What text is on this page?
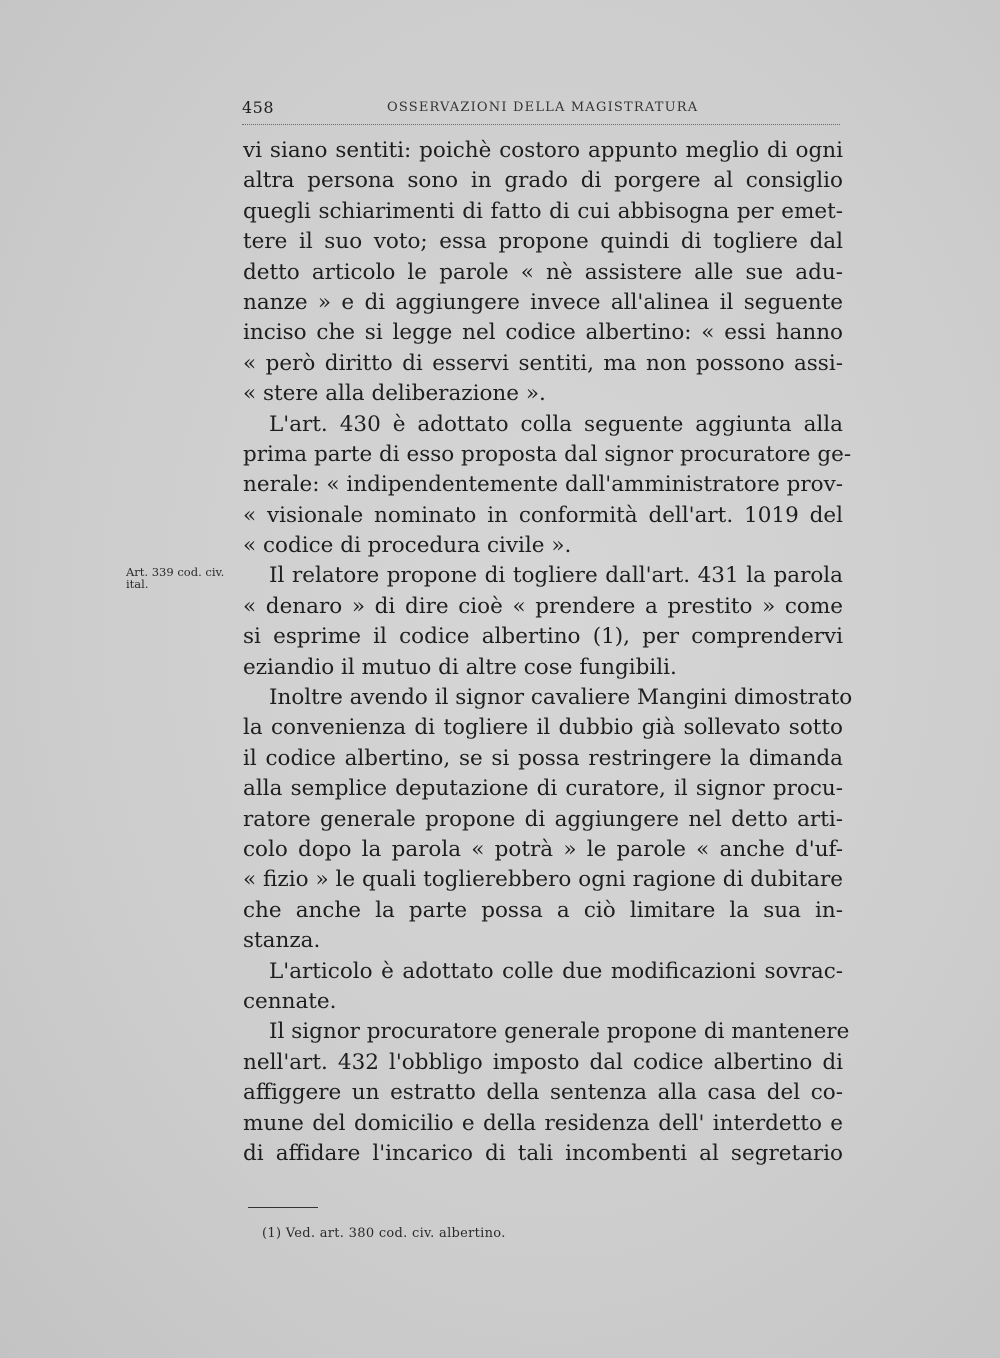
458	OSSERVAZIONI DELLA MAGISTRATURA
Art. 339 cod. civ. ital.
vi siano sentiti: poichè costoro appunto meglio di ogni
altra persona sono in grado di porgere al consiglio
quegli schiarimenti di fatto di cui abbisogna per emet-
tere il suo voto; essa propone quindi di togliere dal
detto articolo le parole « nè assistere alle sue adu-
nanze » e di aggiungere invece all'alinea il seguente
inciso che si legge nel codice albertino: « essi hanno
« però diritto di esservi sentiti, ma non possono assi-
« stere alla deliberazione ».
L'art. 430 è adottato colla seguente aggiunta alla
prima parte di esso proposta dal signor procuratore ge-
nerale: « indipendentemente dall'amministratore prov-
« visionale nominato in conformità dell'art. 1019 del
« codice di procedura civile ».
Il relatore propone di togliere dall'art. 431 la parola
« denaro » di dire cioè « prendere a prestito » come
si esprime il codice albertino (1), per comprendervi
eziandio il mutuo di altre cose fungibili.
Inoltre avendo il signor cavaliere Mangini dimostrato
la convenienza di togliere il dubbio già sollevato sotto
il codice albertino, se si possa restringere la dimanda
alla semplice deputazione di curatore, il signor procu-
ratore generale propone di aggiungere nel detto arti-
colo dopo la parola « potrà » le parole « anche d'uf-
« fizio » le quali toglierebbero ogni ragione di dubitare
che anche la parte possa a ciò limitare la sua in-
stanza.
L'articolo è adottato colle due modificazioni sovrac-
cennate.
Il signor procuratore generale propone di mantenere
nell'art. 432 l'obbligo imposto dal codice albertino di
affiggere un estratto della sentenza alla casa del co-
mune del domicilio e della residenza dell' interdetto e
di affidare l'incarico di tali incombenti al segretario
(1) Ved. art. 380 cod. civ. albertino.
